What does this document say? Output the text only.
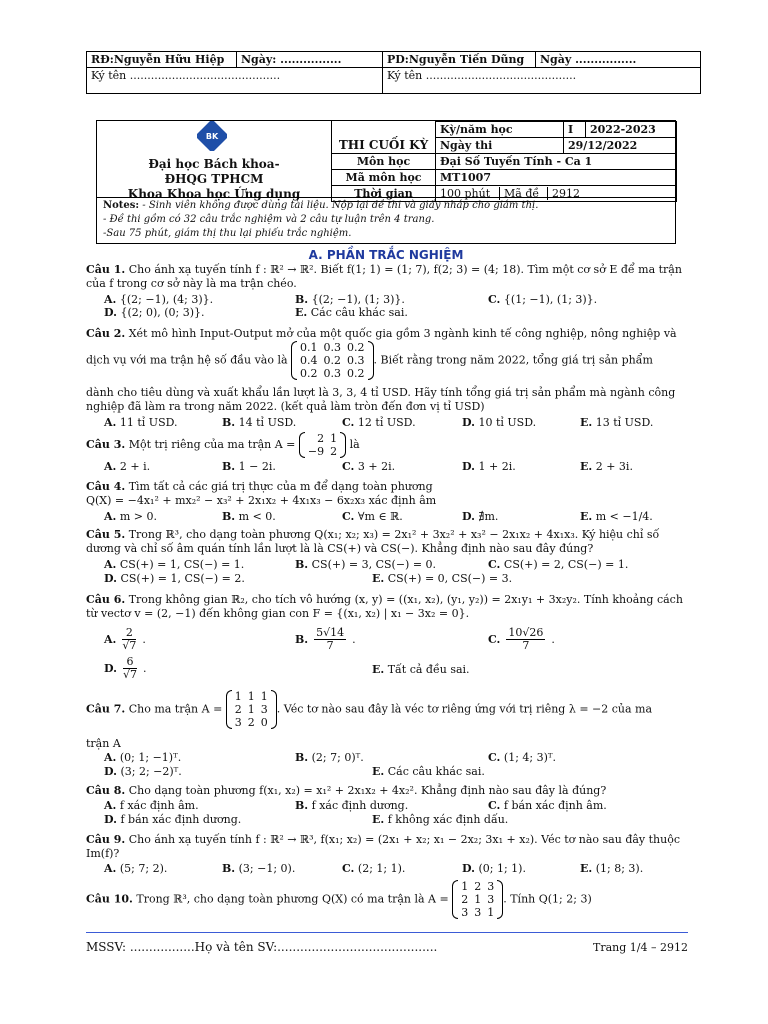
RĐ:Nguyễn Hữu Hiệp	Ngày: ................	PD:Nguyễn Tiến Dũng	Ngày ................
Ký tên ...........................................		Ký tên ...........................................	
BK
Đại học Bách khoa-ĐHQG TPHCM
Khoa Khoa học Ứng dụng
THI CUỐI KỲ
	Kỳ/năm học	I	2022-2023
	Ngày thi	29/12/2022	
Môn học	Đại Số Tuyến Tính - Ca 1		
Mã môn học	MT1007		
Thời gian	100 phút Mã đề 2912		
Notes: - Sinh viên không được dùng tài liệu. Nộp lại đề thi và giấy nháp cho giám thị.
- Đề thi gồm có 32 câu trắc nghiệm và 2 câu tự luận trên 4 trang.
-Sau 75 phút, giám thị thu lại phiếu trắc nghiệm.
A. PHẦN TRẮC NGHIỆM
Câu 1. Cho ánh xạ tuyến tính f : ℝ² → ℝ². Biết f(1; 1) = (1; 7), f(2; 3) = (4; 18). Tìm một cơ sở E để ma trận của f trong cơ sở này là ma trận chéo.
A. {(2; −1), (4; 3)}.	B. {(2; −1), (1; 3)}.	C. {(1; −1), (1; 3)}.
D. {(2; 0), (0; 3)}.	E. Các câu khác sai.
Câu 2. Xét mô hình Input-Output mở của một quốc gia gồm 3 ngành kinh tế công nghiệp, nông nghiệp và
dịch vụ với ma trận hệ số đầu vào là
0.1	0.3	0.2
0.4	0.2	0.3
0.2	0.3	0.2
. Biết rằng trong năm 2022, tổng giá trị sản phẩm
dành cho tiêu dùng và xuất khẩu lần lượt là 3, 3, 4 tỉ USD. Hãy tính tổng giá trị sản phẩm mà ngành công nghiệp đã làm ra trong năm 2022. (kết quả làm tròn đến đơn vị tỉ USD)
A. 11 tỉ USD.	B. 14 tỉ USD.	C. 12 tỉ USD.	D. 10 tỉ USD.	E. 13 tỉ USD.
Câu 3. Một trị riêng của ma trận A = 2	1
−9	2
là
A. 2 + i.	B. 1 − 2i.	C. 3 + 2i.	D. 1 + 2i.	E. 2 + 3i.
Câu 4. Tìm tất cả các giá trị thực của m để dạng toàn phương
Q(X) = −4x₁² + mx₂² − x₃² + 2x₁x₂ + 4x₁x₃ − 6x₂x₃ xác định âm
A. m > 0.	B. m < 0.	C. ∀m ∈ ℝ.	D. ∄m.	E. m < −1/4.
Câu 5. Trong ℝ³, cho dạng toàn phương Q(x₁; x₂; x₃) = 2x₁² + 3x₂² + x₃² − 2x₁x₂ + 4x₁x₃. Ký hiệu chỉ số dương và chỉ số âm quán tính lần lượt là là CS(+) và CS(−). Khẳng định nào sau đây đúng?
A. CS(+) = 1, CS(−) = 1.	B. CS(+) = 3, CS(−) = 0.	C. CS(+) = 2, CS(−) = 1.
D. CS(+) = 1, CS(−) = 2.	E. CS(+) = 0, CS(−) = 3.
Câu 6. Trong không gian ℝ₂, cho tích vô hướng (x, y) = ((x₁, x₂), (y₁, y₂)) = 2x₁y₁ + 3x₂y₂. Tính khoảng cách từ vectơ v = (2, −1) đến không gian con F = {(x₁, x₂) | x₁ − 3x₂ = 0}.
A.
2
√7 .	B.
5√14
7	.	C.
10√26
7	.
D.
6
√7 .	E. Tất cả đều sai.
Câu 7. Cho ma trận A =
1	1	1
2	1	3
3	2	0
. Véc tơ nào sau đây là véc tơ riêng ứng với trị riêng λ = −2 của ma
trận A
A. (0; 1; −1)ᵀ.	B. (2; 7; 0)ᵀ.	C. (1; 4; 3)ᵀ.
D. (3; 2; −2)ᵀ.	E. Các câu khác sai.
Câu 8. Cho dạng toàn phương f(x₁, x₂) = x₁² + 2x₁x₂ + 4x₂². Khẳng định nào sau đây là đúng?
A. f xác định âm.	B. f xác định dương.	C. f bán xác định âm.
D. f bán xác định dương.	E. f không xác định dấu.
Câu 9. Cho ánh xạ tuyến tính f : ℝ² → ℝ³, f(x₁; x₂) = (2x₁ + x₂; x₁ − 2x₂; 3x₁ + x₂). Véc tơ nào sau đây thuộc Im(f)?
A. (5; 7; 2).	B. (3; −1; 0).	C. (2; 1; 1).	D. (0; 1; 1).	E. (1; 8; 3).
Câu 10. Trong ℝ³, cho dạng toàn phương Q(X) có ma trận là A =
1	2	3
2	1	3
3	3	1
. Tính Q(1; 2; 3)
MSSV: .................Họ và tên SV:..........................................	Trang 1/4 – 2912
